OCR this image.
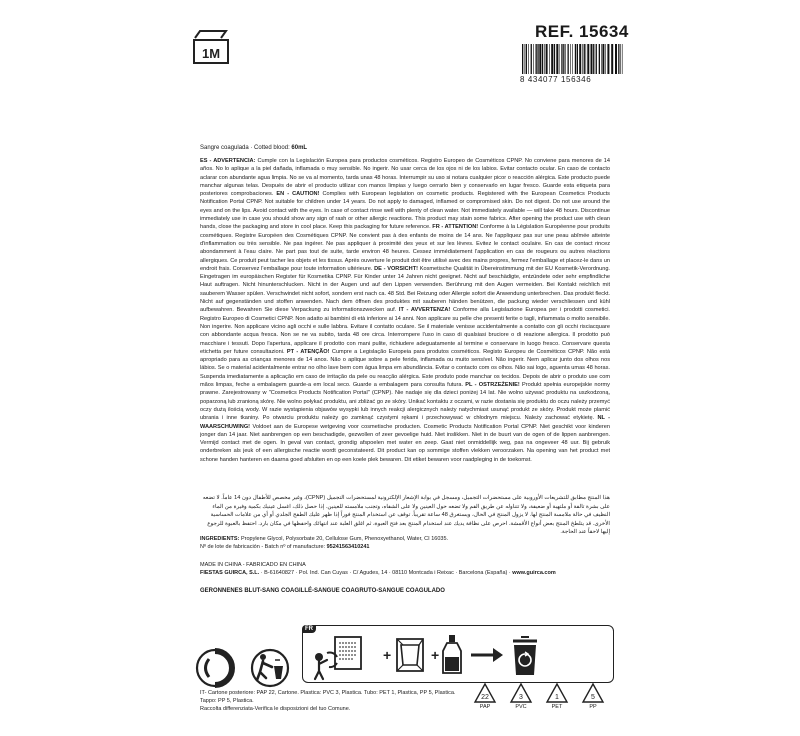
1M
REF. 15634
8 434077 156346
Sangre coagulada · Cotted blood: 60mL

ES - ADVERTENCIA: Cumple con la Legislación Europea para productos cosméticos. Registro Europeo de Cosméticos CPNP. No conviene para menores de 14 años. No lo aplique a la piel dañada, inflamada o muy sensible. No ingerir. No usar cerca de los ojos ni de los labios. Evitar contacto ocular. En caso de contacto aclarar con abundante agua limpia. No se va al momento, tarda unas 48 horas. Interrumpir su uso si notara cualquier picor o reacción alérgica. Este producto puede manchar algunas telas. Después de abrir el producto utilizar con manos limpias y luego cerrarlo bien y conservarlo en lugar fresco. Guarde esta etiqueta para posteriores comprobaciones. EN - CAUTION! Complies with European legislation on cosmetic products. Registered with the European Cosmetics Products Notification Portal CPNP. Not suitable for children under 14 years. Do not apply to damaged, inflamed or compromised skin. Do not digest. Do not use around the eyes and on the lips. Avoid contact with the eyes. In case of contact rinse well with plenty of clean water. Not immediately available — will take 48 hours. Discontinue immediately use in case you should show any sign of rash or other allergic reactions. This product may stain some fabrics. After opening the product use with clean hands, close the packaging and store in cool place. Keep this packaging for future reference. FR - ATTENTION! Conforme à la Législation Européenne pour produits cosmétiques. Registre Européen des Cosmétiques CPNP. Ne convient pas à des enfants de moins de 14 ans. Ne l'appliquez pas sur une peau abîmée atteinte d'inflammation ou très sensible. Ne pas ingérer. Ne pas appliquer à proximité des yeux et sur les lèvres. Evitez le contact oculaire. En cas de contact rincez abondamment à l'eau claire. Ne part pas tout de suite, tarde environ 48 heures. Cessez immédiatement l'application en cas de rougeurs ou autres réactions allergiques. Ce produit peut tacher les objets et les tissus. Après ouverture le produit doit être utilisé avec des mains propres, fermez l'emballage et placez-le dans un endroit frais. Conservez l'emballage pour toute information ultérieure. DE - VORSICHT! Kosmetische Qualität in Übereinstimmung mit der EU Kosmetik-Verordnung. Eingetragen im europäischen Register für Kosmetika CPNP. Für Kinder unter 14 Jahren nicht geeignet. Nicht auf beschädigte, entzündete oder sehr empfindliche Haut auftragen. Nicht hinunterschlucken. Nicht in der Augen und auf den Lippen verwenden. Berührung mit den Augen vermeiden. Bei Kontakt reichlich mit sauberem Wasser spülen. Verschwindet nicht sofort, sondern erst nach ca. 48 Std. Bei Reizung oder Allergie sofort die Anwendung unterbrechen. Das produkt fleckt. Nicht auf gegenständen und stoffen anwenden. Nach dem öffnen des produktes mit sauberen händen benützen, die packung wieder verschliessen und kühl aufbewahren. Bewahren Sie diese Verpackung zu informationszwecken auf. IT - AVVERTENZA! Conforme alla Legislazione Europea per i prodotti cosmetici. Registro Europeo di Cosmetici CPNP. Non adatto ai bambini di età inferiore ai 14 anni. Non applicare su pelle che presenti ferite o tagli, infiammata o molto sensibile. Non ingerire. Non applicare vicino agli occhi e sulle labbra. Evitare il contatto oculare. Se il materiale venisse accidentalmente a contatto con gli occhi risciacquare con abbondante acqua fresca. Non se ne va subito, tarda 48 ore circa. Interrompere l'uso in caso di qualsiasi bruciore o di reazione allergica. Il prodotto può macchiare i tessuti. Dopo l'apertura, applicare il prodotto con mani pulite, richiudere adeguatamente al termine e conservare in luogo fresco. Conservare questa etichetta per future consultazioni. PT - ATENÇÃO! Cumpre a Legislação Europeia para produtos cosméticos. Registo Europeu de Cosméticos CPNP. Não está apropriado para as crianças menores de 14 anos. Não o aplique sobre a pele ferida, inflamada ou muito sensível. Não ingerir. Nem aplicar junto dos olhos nos lábios. Se o material acidentalmente entrar no olho lave bem com água limpa em abundância. Evitar o contacto com os olhos. Não sai logo, aguenta umas 48 horas. Suspenda imediatamente a aplicação em caso de irritação da pele ou reacção alérgica. Este produto pode manchar os tecidos. Depois de abrir o produto use com mãos limpas, feche a embalagem guarde-a em local seco. Guarde a embalagem para consulta futura. PL - OSTRZEŻENIE! Produkt spełnia europejskie normy prawne. Zarejestrowany w "Cosmetics Products Notification Portal" (CPNP). Nie nadaje się dla dzieci poniżej 14 lat. Nie wolno używać produktu na uszkodzoną, poparzoną lub zranioną skórę. Nie wolno połykać produktu, ani zbliżać go ze skóry. Unikać kontaktu z oczami, w razie dostania się produktu do oczu należy przemyć oczy dużą ilością wody. W razie wystąpienia objawów wysypki lub innych reakcji alergicznych należy natychmiast usunąć produkt ze skóry. Produkt może plamić ubrania i inne tkaniny. Po otwarciu produktu należy go zamknąć czystymi rękami i przechowywać w chłodnym miejscu. Należy zachować etykietę. NL - WAARSCHUWING! Voldoet aan de Europese wetgeving voor cosmetische producten. Cosmetic Products Notification Portal CPNP. Niet geschikt voor kinderen jonger dan 14 jaar. Niet aanbrengen op een beschadigde, gezwollen of zeer gevoelige huid. Niet inslikken. Niet in de buurt van de ogen of de lippen aanbrengen. Vermijd contact met de ogen. In geval van contact, grondig afspoelen met water en zeep. Gaat niet onmiddellijk weg, pas na ongeveer 48 uur. Bij gebruik onderbreken als jeuk of een allergische reactie wordt geconstateerd. Dit product kan op sommige stoffen vlekken veroorzaken. Na opening van het product met schone handen hanteren en daarna goed afsluiten en op een koele plek bewaren. Dit etiket bewaren voor raadpleging in de toekomst.

هذا المنتج مطابق للتشريعات الأوروبية على مستحضرات التجميل، ومسجل في بوابة الإشعار الإلكترونية لمستحضرات التجميل (CPNP)، وغير مخصص للأطفال دون 14 عاماً. لا تضعه على بشرة تالفة أو ملتهبة أو ضعيفة، ولا تتناوله عن طريق الفم ولا تضعه حول العينين ولا على الشفاه، وتجنب ملامسته للعينين. إذا حصل ذلك، اغسل عينيك بكمية وفيرة من الماء النظيف في حالة ملامسة المنتج لها. لا يزول المنتج في الحال، ويستغرق 48 ساعة تقريباً. توقف عن استخدام المنتج فوراً إذا ظهر عليك الطفح الجلدي أو أي من علامات الحساسية الأخرى. قد يتلطخ المنتج بعض أنواع الأقمشة. احرص على نظافة يديك عند استخدام المنتج بعد فتح العبوة، ثم اغلق العلبة عند انتهائك واحفظها في مكان بارد. احتفظ بالعبوة للرجوع إليها لاحقاً عند الحاجة.
INGREDIENTS: Propylene Glycol, Polysorbate 20, Cellulose Gum, Phenoxyethanol, Water, CI 16035.
Nº de lote de fabricación - Batch nº of manufacture: 95241563410241
MADE IN CHINA - FABRICADO EN CHINA
FIESTAS GUIRCA, S.L. · B-61640827 · Pol. Ind. Can Cuyas · C/ Agudes, 14 · 08110 Montcada i Reixac · Barcelona (España) · www.guirca.com
GERONNENES BLUT-SANG COAGILLÉ-SANGUE COAGRUTO-SANGUE COAGULADO
FR
+	+
IT- Cartone posteriore: PAP 22, Cartone. Plastica: PVC 3, Plastica. Tubo: PET 1, Plastica, PP 5, Plastica.
Tappo: PP 5, Plastica.
Raccolta differenziata-Verifica le disposizioni del tuo Comune.
22
PAP
3
PVC
1
PET
5
PP
